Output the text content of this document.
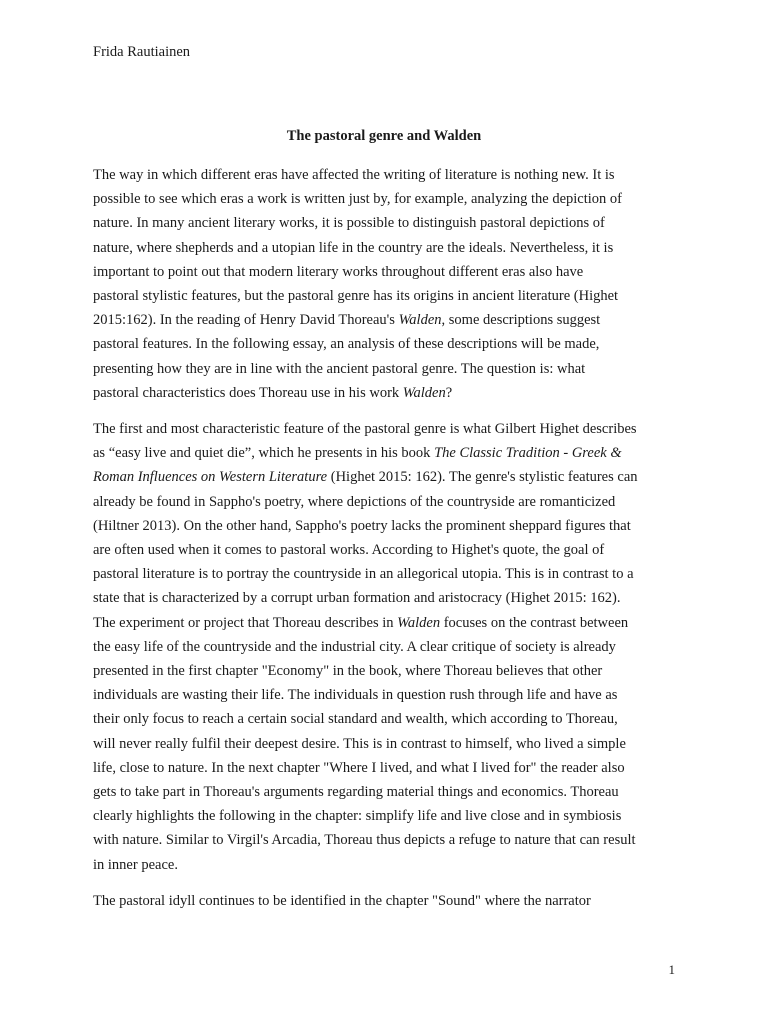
Frida Rautiainen
The pastoral genre and Walden

The way in which different eras have affected the writing of literature is nothing new. It is
possible to see which eras a work is written just by, for example, analyzing the depiction of
nature. In many ancient literary works, it is possible to distinguish pastoral depictions of
nature, where shepherds and a utopian life in the country are the ideals. Nevertheless, it is
important to point out that modern literary works throughout different eras also have
pastoral stylistic features, but the pastoral genre has its origins in ancient literature (Highet
2015:162). In the reading of Henry David Thoreau's Walden, some descriptions suggest
pastoral features. In the following essay, an analysis of these descriptions will be made,
presenting how they are in line with the ancient pastoral genre. The question is: what
pastoral characteristics does Thoreau use in his work Walden?

The first and most characteristic feature of the pastoral genre is what Gilbert Highet describes
as “easy live and quiet die”, which he presents in his book The Classic Tradition - Greek &
Roman Influences on Western Literature (Highet 2015: 162). The genre's stylistic features can
already be found in Sappho's poetry, where depictions of the countryside are romanticized
(Hiltner 2013). On the other hand, Sappho's poetry lacks the prominent sheppard figures that
are often used when it comes to pastoral works. According to Highet's quote, the goal of
pastoral literature is to portray the countryside in an allegorical utopia. This is in contrast to a
state that is characterized by a corrupt urban formation and aristocracy (Highet 2015: 162).
The experiment or project that Thoreau describes in Walden focuses on the contrast between
the easy life of the countryside and the industrial city. A clear critique of society is already
presented in the first chapter "Economy" in the book, where Thoreau believes that other
individuals are wasting their life. The individuals in question rush through life and have as
their only focus to reach a certain social standard and wealth, which according to Thoreau,
will never really fulfil their deepest desire. This is in contrast to himself, who lived a simple
life, close to nature. In the next chapter "Where I lived, and what I lived for" the reader also
gets to take part in Thoreau's arguments regarding material things and economics. Thoreau
clearly highlights the following in the chapter: simplify life and live close and in symbiosis
with nature. Similar to Virgil's Arcadia, Thoreau thus depicts a refuge to nature that can result
in inner peace.

The pastoral idyll continues to be identified in the chapter "Sound" where the narrator

1
